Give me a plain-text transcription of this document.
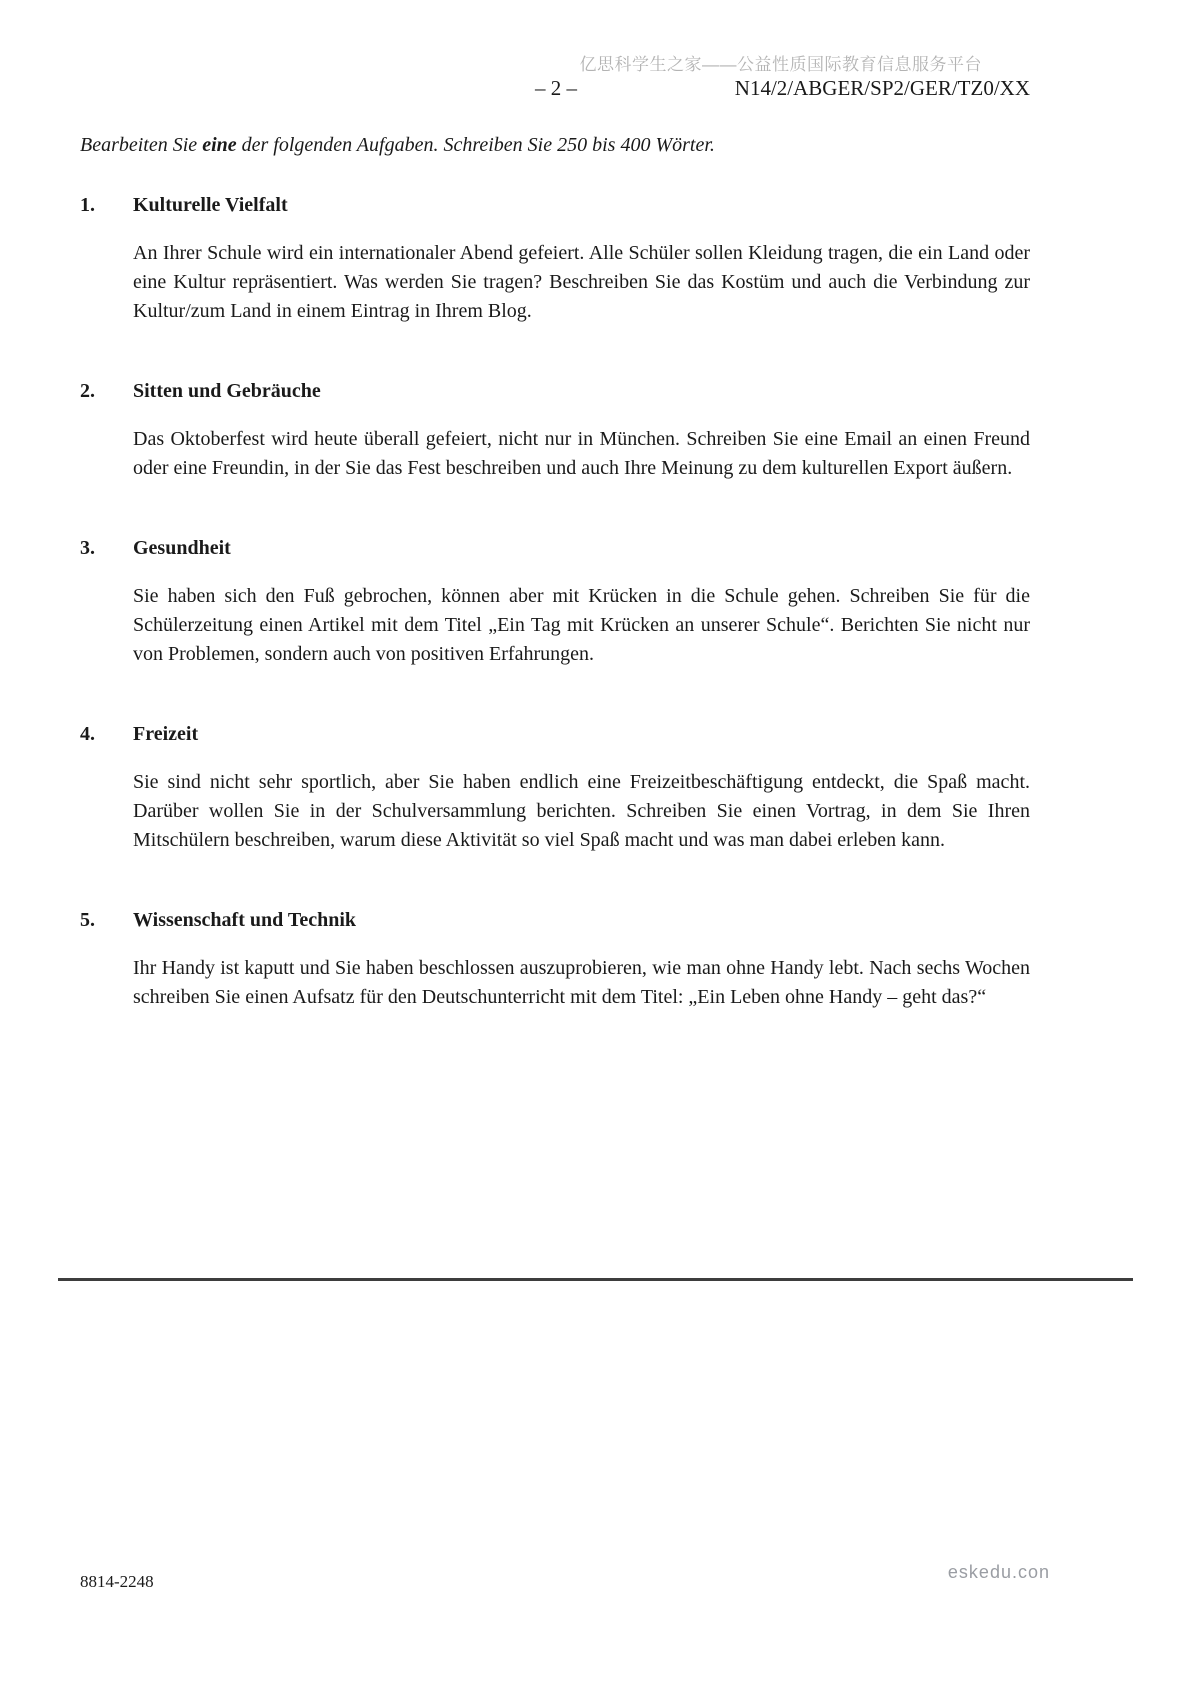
亿思科学生之家——公益性质国际教育信息服务平台
– 2 –	N14/2/ABGER/SP2/GER/TZ0/XX

Bearbeiten Sie eine der folgenden Aufgaben. Schreiben Sie 250 bis 400 Wörter.

1.	Kulturelle Vielfalt
An Ihrer Schule wird ein internationaler Abend gefeiert. Alle Schüler sollen Kleidung tragen, die ein Land oder eine Kultur repräsentiert. Was werden Sie tragen? Beschreiben Sie das Kostüm und auch die Verbindung zur Kultur/zum Land in einem Eintrag in Ihrem Blog.
2.	Sitten und Gebräuche
Das Oktoberfest wird heute überall gefeiert, nicht nur in München. Schreiben Sie eine Email an einen Freund oder eine Freundin, in der Sie das Fest beschreiben und auch Ihre Meinung zu dem kulturellen Export äußern.
3.	Gesundheit
Sie haben sich den Fuß gebrochen, können aber mit Krücken in die Schule gehen. Schreiben Sie für die Schülerzeitung einen Artikel mit dem Titel „Ein Tag mit Krücken an unserer Schule“. Berichten Sie nicht nur von Problemen, sondern auch von positiven Erfahrungen.
4.	Freizeit
Sie sind nicht sehr sportlich, aber Sie haben endlich eine Freizeitbeschäftigung entdeckt, die Spaß macht. Darüber wollen Sie in der Schulversammlung berichten. Schreiben Sie einen Vortrag, in dem Sie Ihren Mitschülern beschreiben, warum diese Aktivität so viel Spaß macht und was man dabei erleben kann.
5.	Wissenschaft und Technik
Ihr Handy ist kaputt und Sie haben beschlossen auszuprobieren, wie man ohne Handy lebt. Nach sechs Wochen schreiben Sie einen Aufsatz für den Deutschunterricht mit dem Titel: „Ein Leben ohne Handy – geht das?“
8814-2248	eskedu.con
